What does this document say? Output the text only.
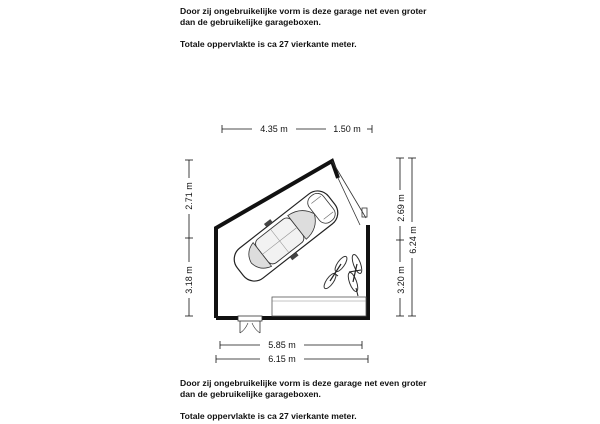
Door zij ongebruikelijke vorm is deze garage net even groter

dan de gebruikelijke garageboxen.

Totale oppervlakte is ca 27 vierkante meter.

4.35 m	1.50 m
2.71 m
3.18 m
2.69 m
3.20 m
6.24 m
5.85 m
6.15 m

Door zij ongebruikelijke vorm is deze garage net even groter

dan de gebruikelijke garageboxen.

Totale oppervlakte is ca 27 vierkante meter.
